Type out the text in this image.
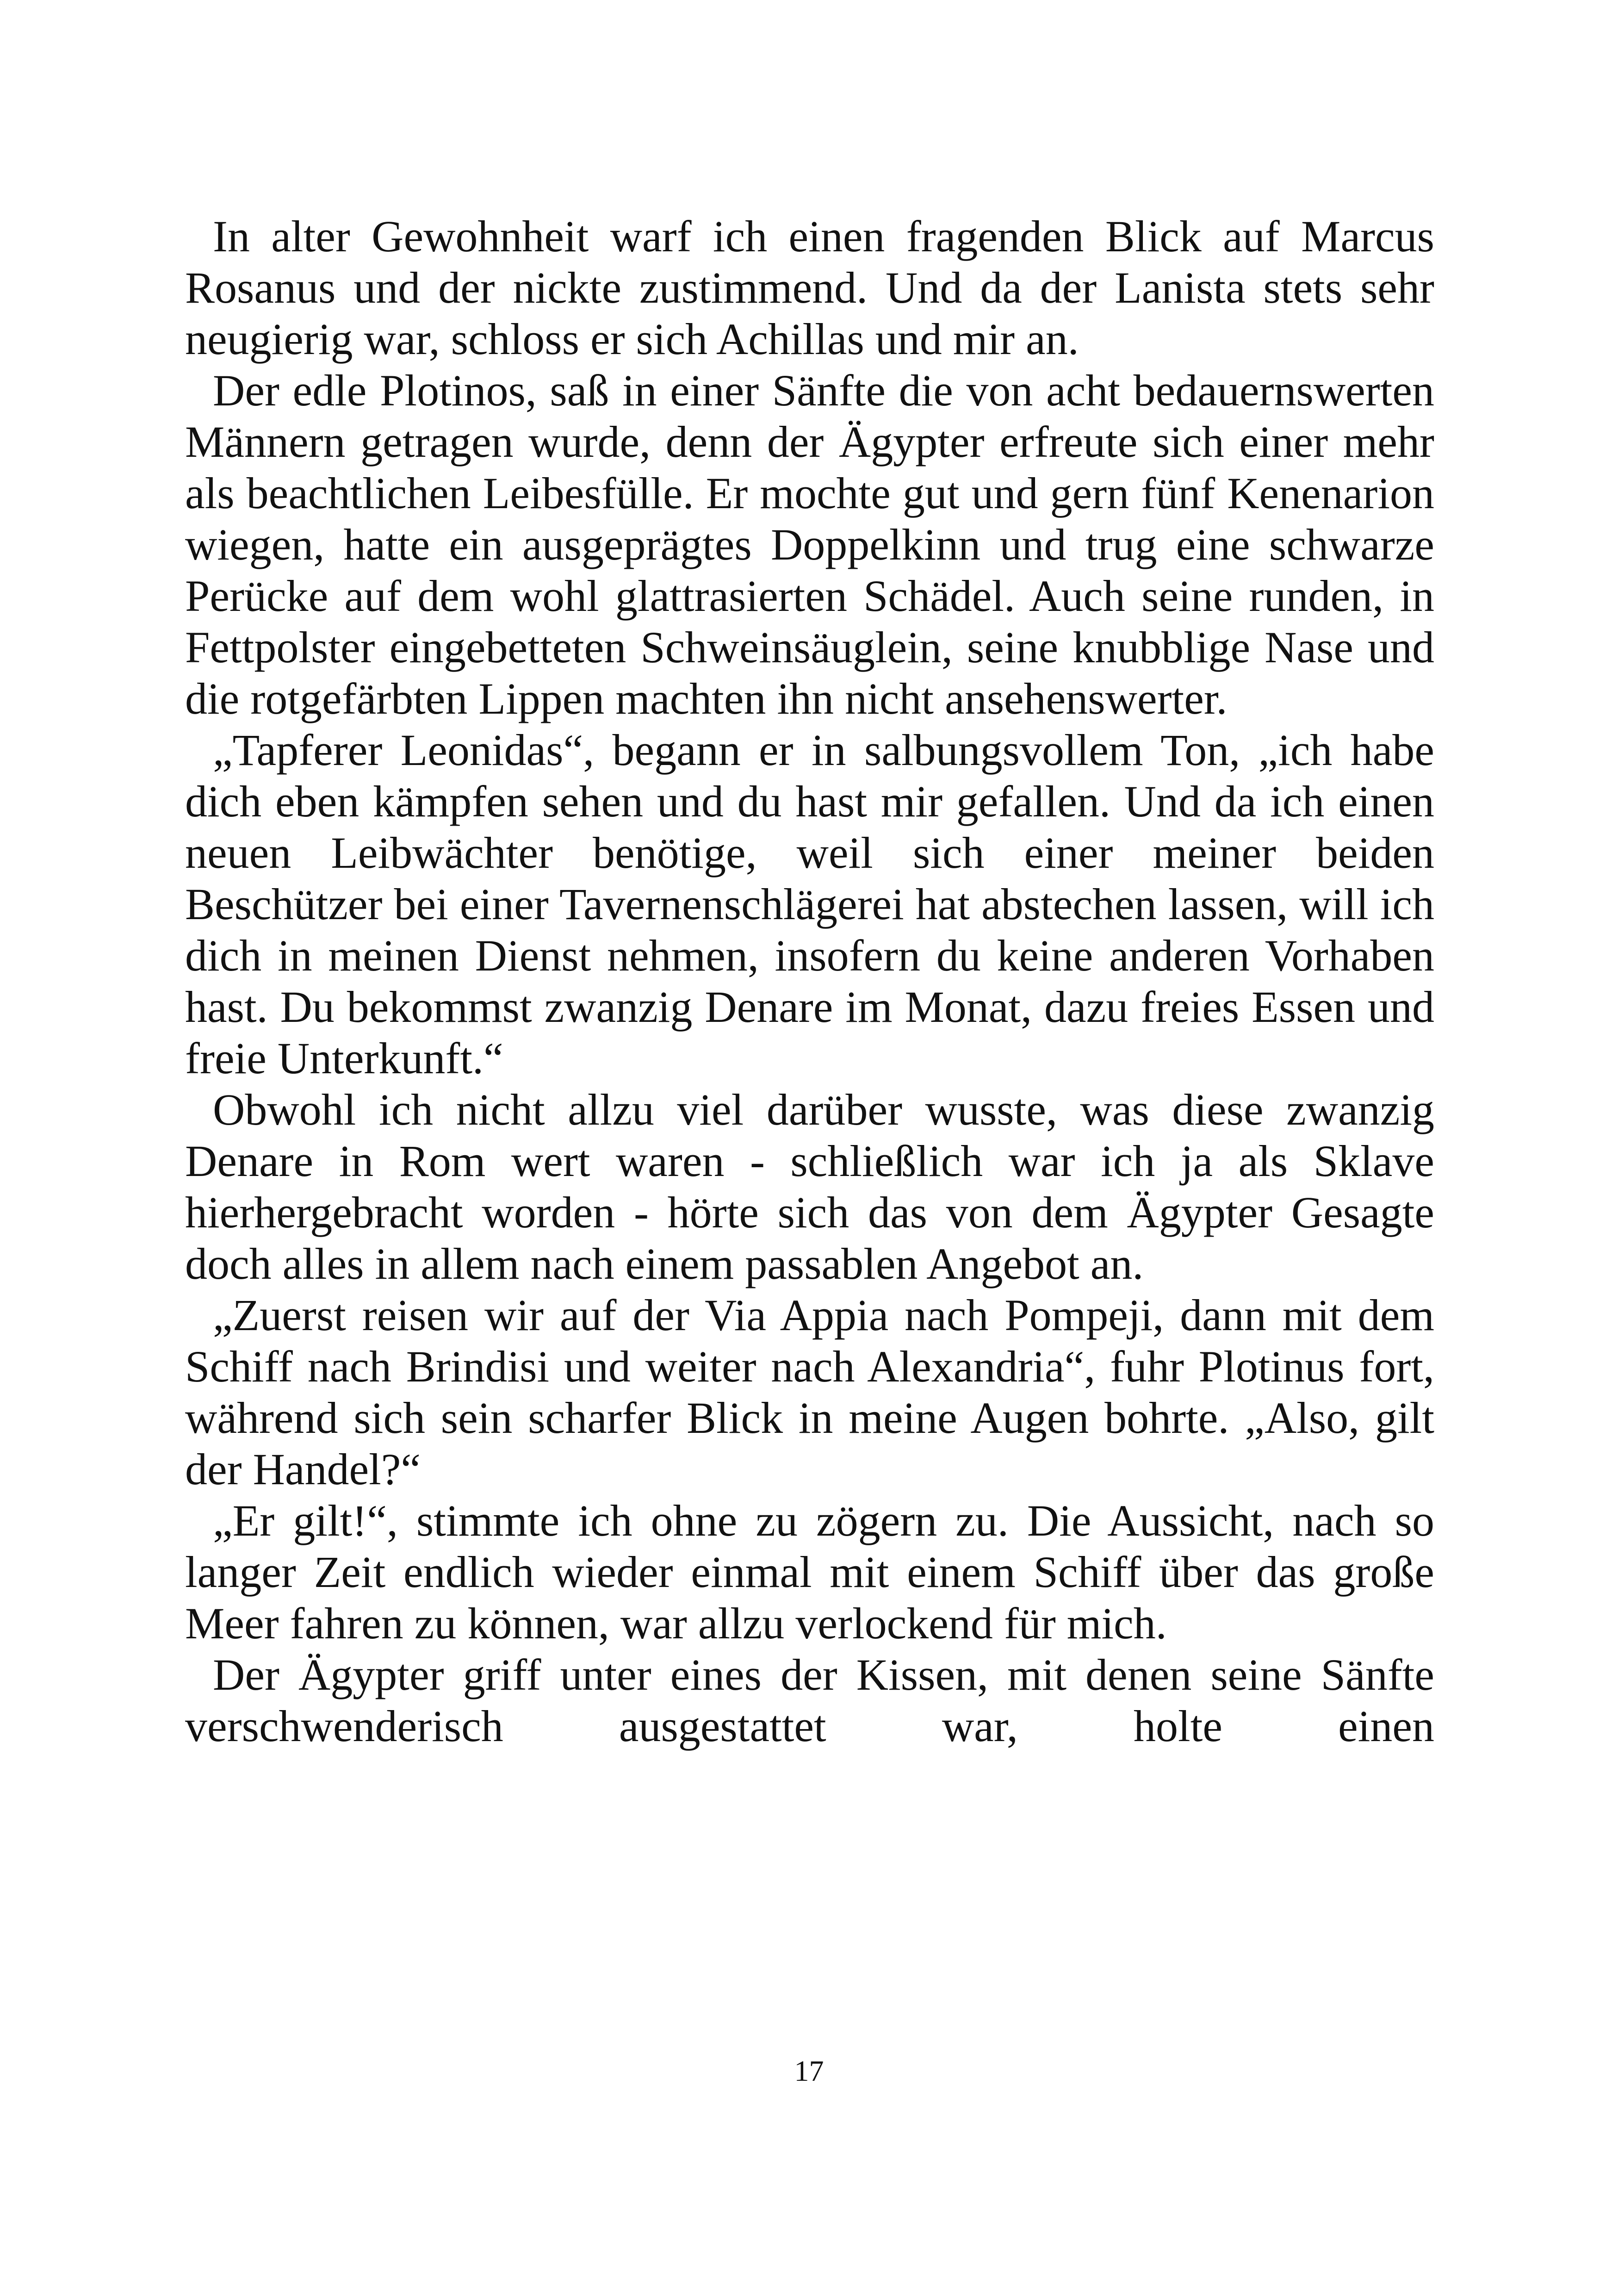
In alter Gewohnheit warf ich einen fragenden Blick auf Marcus Rosanus und der nickte zustimmend. Und da der Lanista stets sehr neugierig war, schloss er sich Achillas und mir an.

Der edle Plotinos, saß in einer Sänfte die von acht bedauernswerten Männern getragen wurde, denn der Ägypter erfreute sich einer mehr als beachtlichen Leibesfülle. Er mochte gut und gern fünf Kenenarion wiegen, hatte ein ausgeprägtes Doppelkinn und trug eine schwarze Perücke auf dem wohl glattrasierten Schädel. Auch seine runden, in Fettpolster eingebetteten Schweinsäuglein, seine knubblige Nase und die rotgefärbten Lippen machten ihn nicht ansehenswerter.

„Tapferer Leonidas“, begann er in salbungsvollem Ton, „ich habe dich eben kämpfen sehen und du hast mir gefallen. Und da ich einen neuen Leibwächter benötige, weil sich einer meiner beiden Beschützer bei einer Tavernenschlägerei hat abstechen lassen, will ich dich in meinen Dienst nehmen, insofern du keine anderen Vorhaben hast. Du bekommst zwanzig Denare im Monat, dazu freies Essen und freie Unterkunft.“

Obwohl ich nicht allzu viel darüber wusste, was diese zwanzig Denare in Rom wert waren - schließlich war ich ja als Sklave hierhergebracht worden - hörte sich das von dem Ägypter Gesagte doch alles in allem nach einem passablen Angebot an.

„Zuerst reisen wir auf der Via Appia nach Pompeji, dann mit dem Schiff nach Brindisi und weiter nach Alexandria“, fuhr Plotinus fort, während sich sein scharfer Blick in meine Augen bohrte. „Also, gilt der Handel?“

„Er gilt!“, stimmte ich ohne zu zögern zu. Die Aussicht, nach so langer Zeit endlich wieder einmal mit einem Schiff über das große Meer fahren zu können, war allzu verlockend für mich.

Der Ägypter griff unter eines der Kissen, mit denen seine Sänfte verschwenderisch ausgestattet war, holte einen

17
